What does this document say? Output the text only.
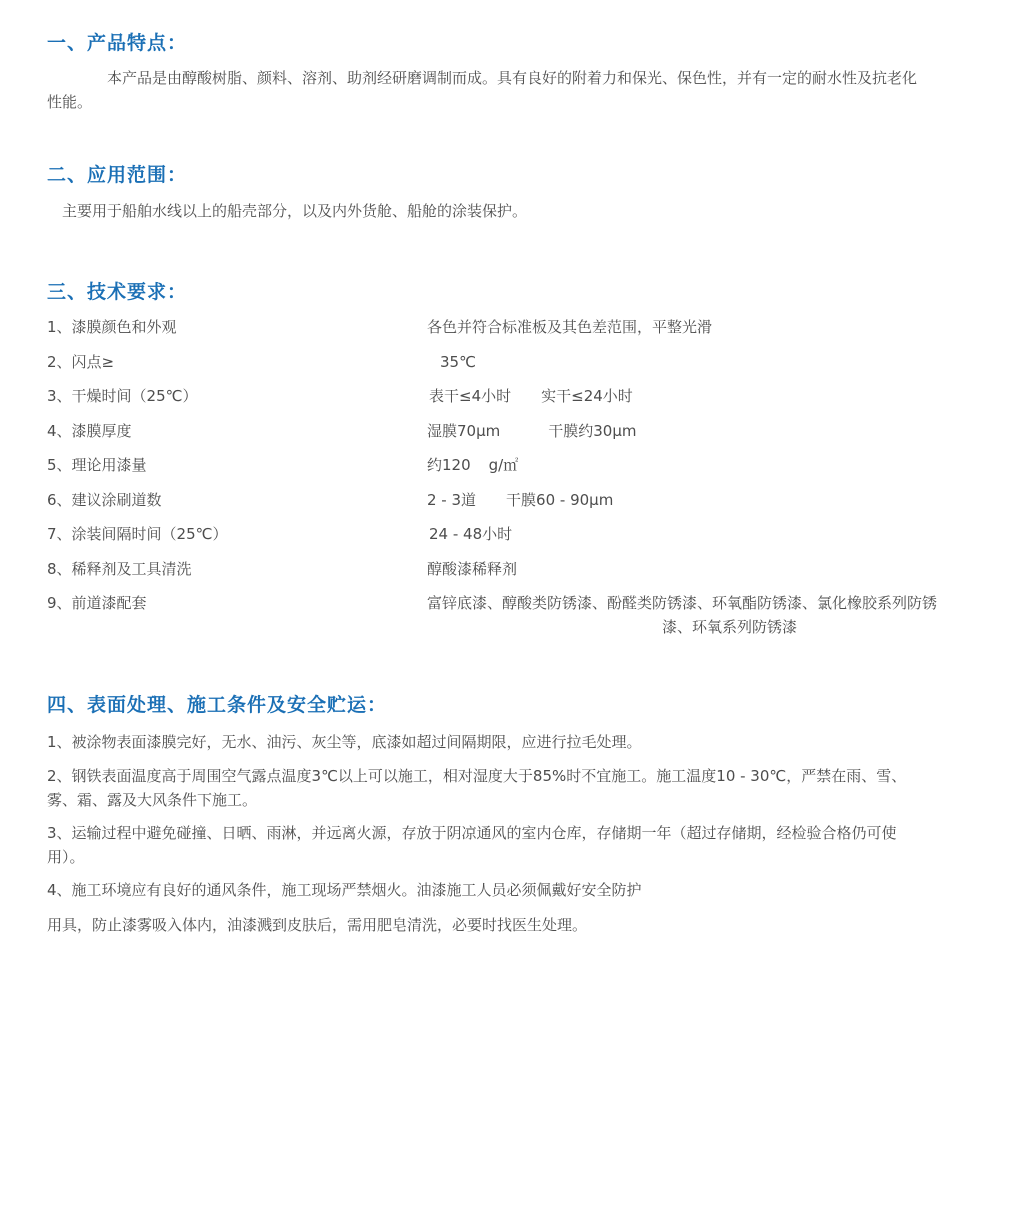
一、产品特点：

本产品是由醇酸树脂、颜料、溶剂、助剂经研磨调制而成。具有良好的附着力和保光、保色性，并有一定的耐水性及抗老化

性能。

二、应用范围：

主要用于船舶水线以上的船壳部分，以及内外货舱、船舱的涂装保护。

三、技术要求：
1、漆膜颜色和外观	各色并符合标准板及其色差范围，平整光滑
2、闪点≥	35℃
3、干燥时间（25℃）	表干≤4小时 实干≤24小时
4、漆膜厚度	湿膜70μm	干膜约30μm
5、理论用漆量	约120 g/㎡
6、建议涂刷道数	2 - 3道 干膜60 - 90μm
7、涂装间隔时间（25℃）	24 - 48小时
8、稀释剂及工具清洗	醇酸漆稀释剂
9、前道漆配套	富锌底漆、醇酸类防锈漆、酚醛类防锈漆、环氧酯防锈漆、氯化橡胶系列防锈
漆、环氧系列防锈漆
四、表面处理、施工条件及安全贮运：

1、被涂物表面漆膜完好，无水、油污、灰尘等，底漆如超过间隔期限，应进行拉毛处理。

2、钢铁表面温度高于周围空气露点温度3℃以上可以施工，相对湿度大于85%时不宜施工。施工温度10 - 30℃，严禁在雨、雪、

雾、霜、露及大风条件下施工。

3、运输过程中避免碰撞、日晒、雨淋，并远离火源，存放于阴凉通风的室内仓库，存储期一年（超过存储期，经检验合格仍可使

用）。

4、施工环境应有良好的通风条件，施工现场严禁烟火。油漆施工人员必须佩戴好安全防护

用具，防止漆雾吸入体内，油漆溅到皮肤后，需用肥皂清洗，必要时找医生处理。
